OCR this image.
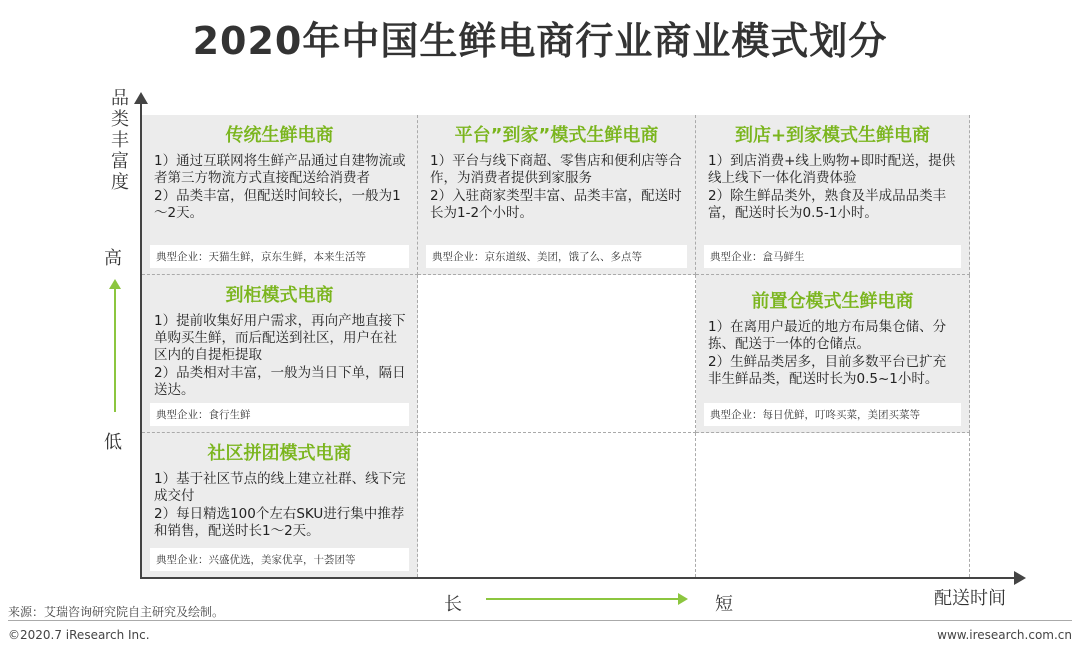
2020年中国生鲜电商行业商业模式划分
品类丰富度
高
低
长	短	配送时间
传统生鲜电商
1）通过互联网将生鲜产品通过自建物流或者第三方物流方式直接配送给消费者
2）品类丰富，但配送时间较长，一般为1～2天。
典型企业：天猫生鲜，京东生鲜，本来生活等
平台”到家”模式生鲜电商
1）平台与线下商超、零售店和便利店等合作，为消费者提供到家服务
2）入驻商家类型丰富、品类丰富，配送时长为1-2个小时。
典型企业：京东道级、美团，饿了么、多点等
到店+到家模式生鲜电商
1）到店消费+线上购物+即时配送，提供线上线下一体化消费体验
2）除生鲜品类外，熟食及半成品品类丰富，配送时长为0.5-1小时。
典型企业：盒马鲜生
到柜模式电商
1）提前收集好用户需求，再向产地直接下单购买生鲜，而后配送到社区，用户在社区内的自提柜提取
2）品类相对丰富，一般为当日下单，隔日送达。
典型企业：食行生鲜
前置仓模式生鲜电商
1）在离用户最近的地方布局集仓储、分拣、配送于一体的仓储点。
2）生鲜品类居多，目前多数平台已扩充非生鲜品类，配送时长为0.5~1小时。
典型企业：每日优鲜，叮咚买菜，美团买菜等
社区拼团模式电商
1）基于社区节点的线上建立社群、线下完成交付
2）每日精选100个左右SKU进行集中推荐和销售，配送时长1～2天。
典型企业：兴盛优选，美家优享，十荟团等
来源：艾瑞咨询研究院自主研究及绘制。
©2020.7 iResearch Inc.	www.iresearch.com.cn
